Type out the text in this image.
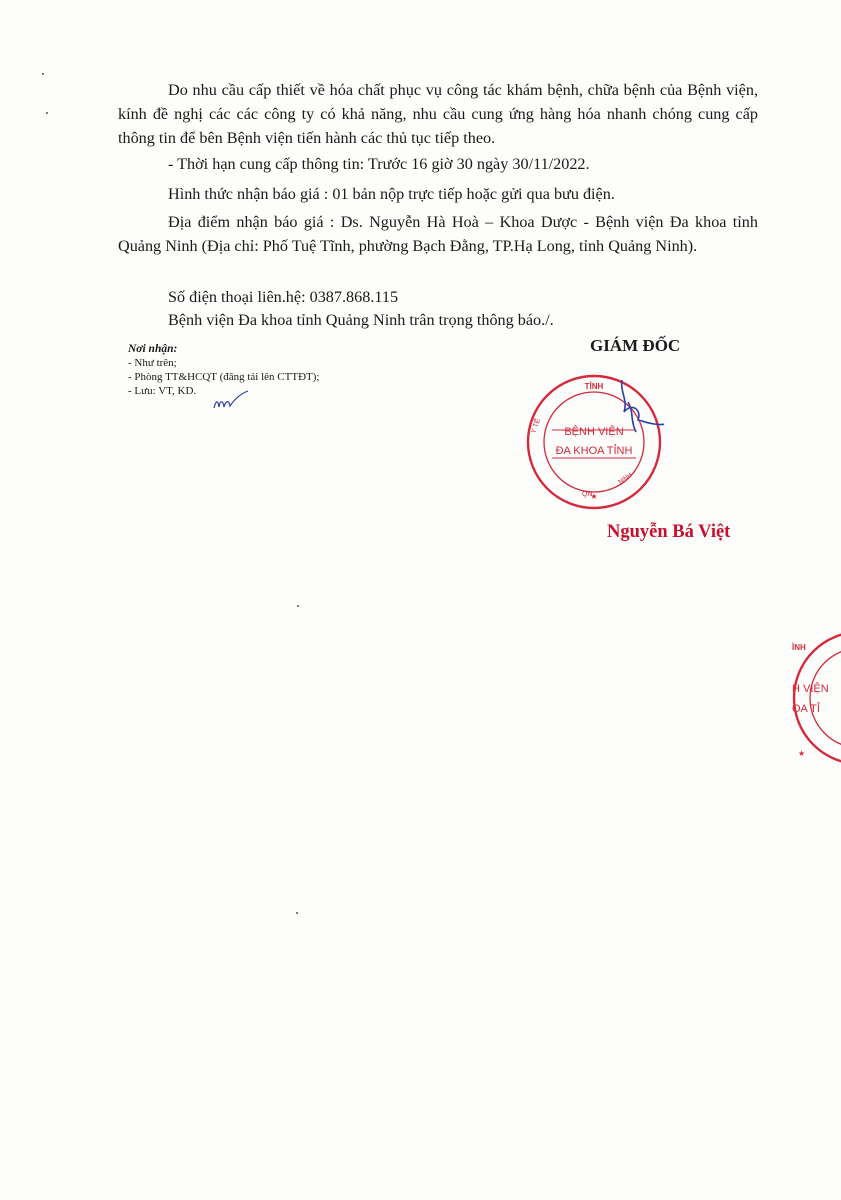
Do nhu cầu cấp thiết về hóa chất phục vụ công tác khám bệnh, chữa bệnh của Bệnh viện, kính đề nghị các các công ty có khả năng, nhu cầu cung ứng hàng hóa nhanh chóng cung cấp thông tin để bên Bệnh viện tiến hành các thủ tục tiếp theo.

- Thời hạn cung cấp thông tin: Trước 16 giờ 30 ngày 30/11/2022.

Hình thức nhận báo giá : 01 bản nộp trực tiếp hoặc gửi qua bưu điện.

Địa điểm nhận báo giá : Ds. Nguyễn Hà Hoà – Khoa Dược - Bệnh viện Đa khoa tỉnh Quảng Ninh (Địa chỉ: Phố Tuệ Tĩnh, phường Bạch Đằng, TP.Hạ Long, tỉnh Quảng Ninh).

Số điện thoại liên.hệ: 0387.868.115

Bệnh viện Đa khoa tỉnh Quảng Ninh trân trọng thông báo./.

Nơi nhận:
- Như trên;
- Phòng TT&HCQT (đăng tải lên CTTĐT);
- Lưu: VT, KD.
GIÁM ĐỐC
TỈNH
BỆNH VIỆN
ĐA KHOA TỈNH
Y TẾ
QN
NINH
★
Nguyễn Bá Việt
ÌNH
H VIỆN
OA TỈ
★
